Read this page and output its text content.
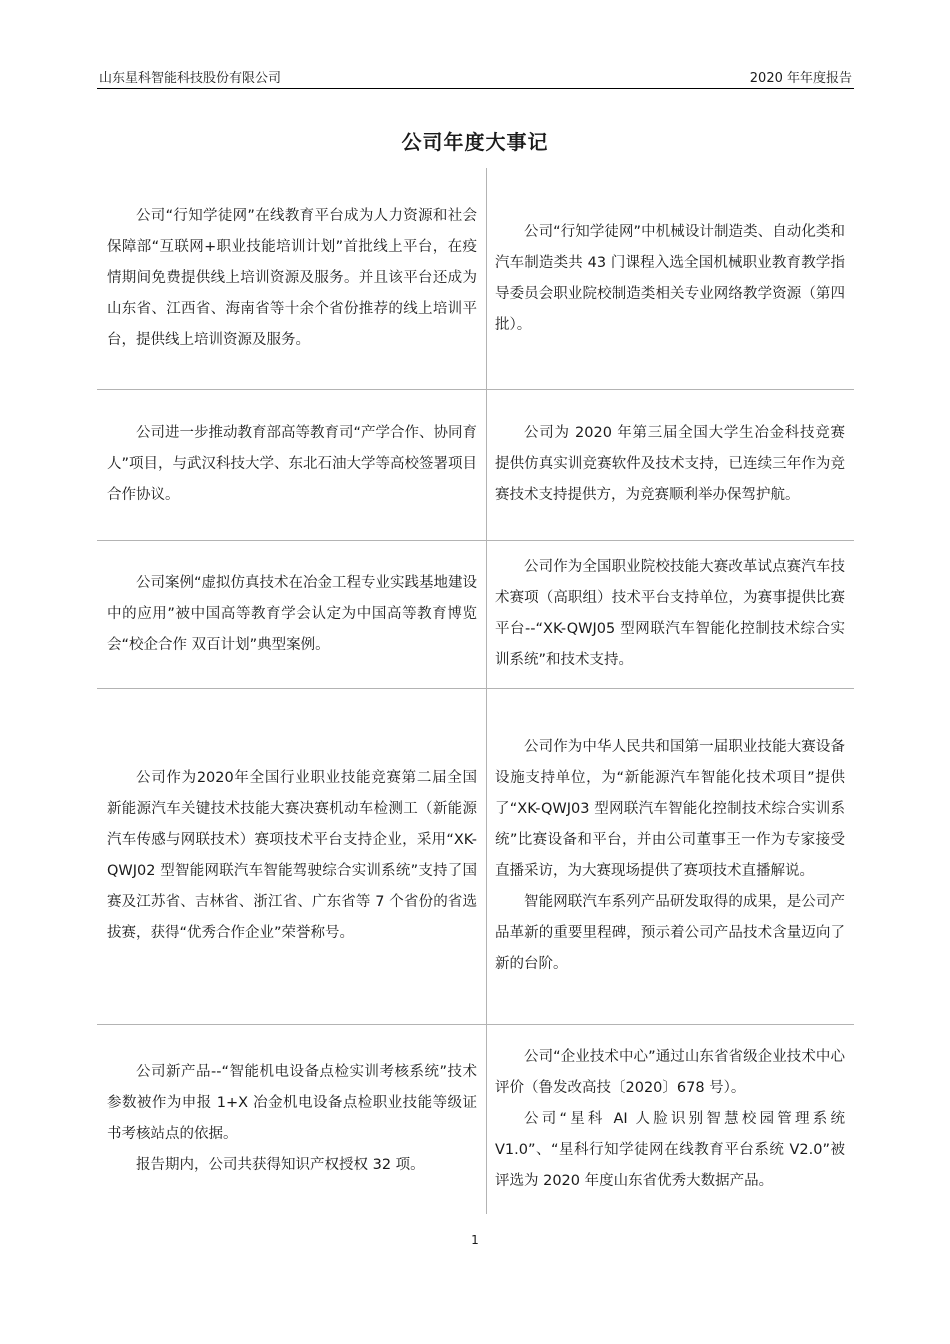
山东星科智能科技股份有限公司	2020 年年度报告
公司年度大事记

公司“行知学徒网”在线教育平台成为人力资源和社会保障部“互联网+职业技能培训计划”首批线上平台，在疫情期间免费提供线上培训资源及服务。并且该平台还成为山东省、江西省、海南省等十余个省份推荐的线上培训平台，提供线上培训资源及服务。

公司“行知学徒网”中机械设计制造类、自动化类和汽车制造类共 43 门课程入选全国机械职业教育教学指导委员会职业院校制造类相关专业网络教学资源（第四批）。

公司进一步推动教育部高等教育司“产学合作、协同育人”项目，与武汉科技大学、东北石油大学等高校签署项目合作协议。

公司为 2020 年第三届全国大学生冶金科技竞赛提供仿真实训竞赛软件及技术支持，已连续三年作为竞赛技术支持提供方，为竞赛顺利举办保驾护航。

公司案例“虚拟仿真技术在冶金工程专业实践基地建设中的应用”被中国高等教育学会认定为中国高等教育博览会“校企合作 双百计划”典型案例。

公司作为全国职业院校技能大赛改革试点赛汽车技术赛项（高职组）技术平台支持单位，为赛事提供比赛平台--“XK-QWJ05 型网联汽车智能化控制技术综合实训系统”和技术支持。

公司作为2020年全国行业职业技能竞赛第二届全国新能源汽车关键技术技能大赛决赛机动车检测工（新能源汽车传感与网联技术）赛项技术平台支持企业，采用“XK-QWJ02 型智能网联汽车智能驾驶综合实训系统”支持了国赛及江苏省、吉林省、浙江省、广东省等 7 个省份的省选拔赛，获得“优秀合作企业”荣誉称号。

公司作为中华人民共和国第一届职业技能大赛设备设施支持单位，为“新能源汽车智能化技术项目”提供了“XK-QWJ03 型网联汽车智能化控制技术综合实训系统”比赛设备和平台，并由公司董事王一作为专家接受直播采访，为大赛现场提供了赛项技术直播解说。

智能网联汽车系列产品研发取得的成果，是公司产品革新的重要里程碑，预示着公司产品技术含量迈向了新的台阶。

公司新产品--“智能机电设备点检实训考核系统”技术参数被作为申报 1+X 冶金机电设备点检职业技能等级证书考核站点的依据。

报告期内，公司共获得知识产权授权 32 项。

公司“企业技术中心”通过山东省省级企业技术中心评价（鲁发改高技〔2020〕678 号）。

公司“星科 AI 人脸识别智慧校园管理系统 V1.0”、“星科行知学徒网在线教育平台系统 V2.0”被评选为 2020 年度山东省优秀大数据产品。

1
